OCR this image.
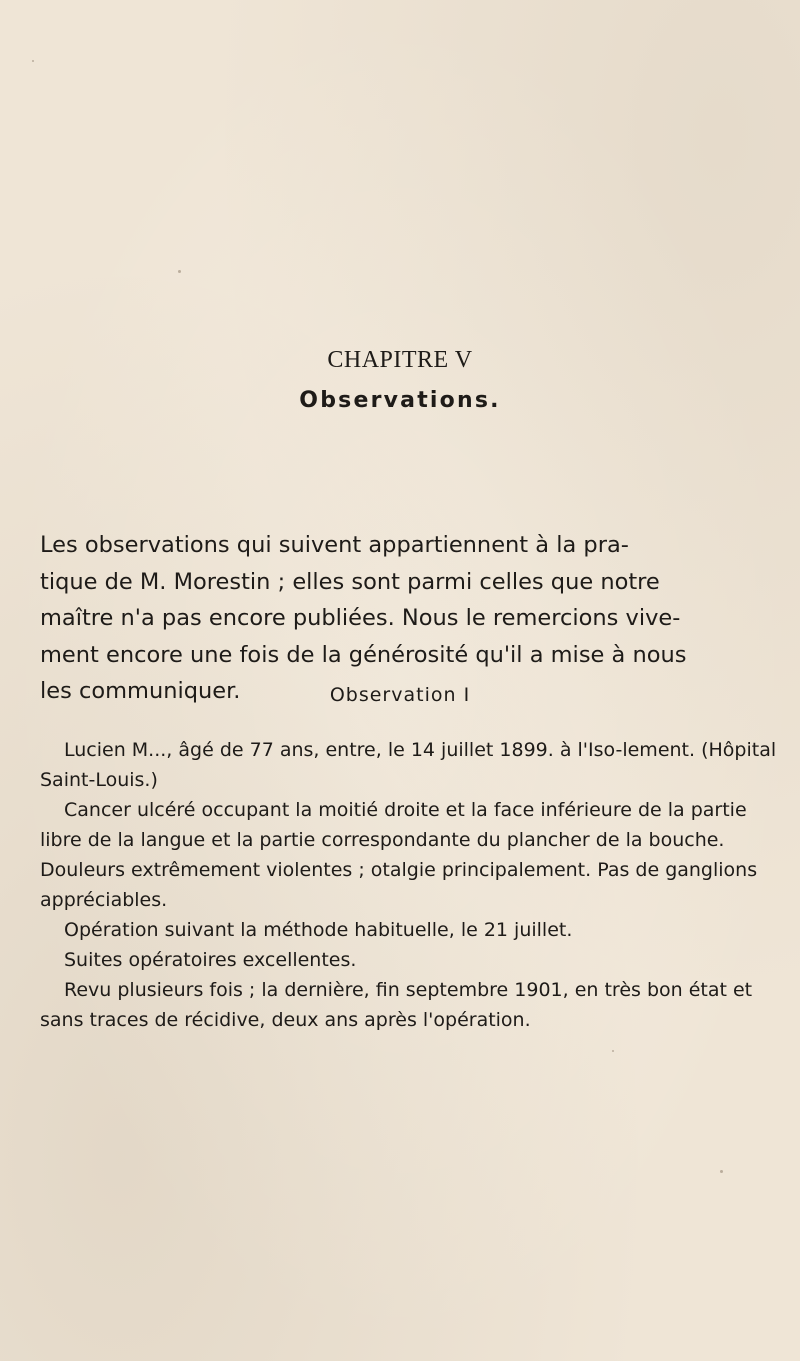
CHAPITRE V
Observations.
Les observations qui suivent appartiennent à la pra-
tique de M. Morestin ; elles sont parmi celles que notre
maître n'a pas encore publiées. Nous le remercions vive-
ment encore une fois de la générosité qu'il a mise à nous
les communiquer.	Observation I

Lucien M..., âgé de 77 ans, entre, le 14 juillet 1899. à l'Iso-lement. (Hôpital Saint-Louis.)

Cancer ulcéré occupant la moitié droite et la face inférieure de la partie libre de la langue et la partie correspondante du plancher de la bouche. Douleurs extrêmement violentes ; otalgie principalement. Pas de ganglions appréciables.

Opération suivant la méthode habituelle, le 21 juillet.

Suites opératoires excellentes.

Revu plusieurs fois ; la dernière, fin septembre 1901, en très bon état et sans traces de récidive, deux ans après l'opération.
